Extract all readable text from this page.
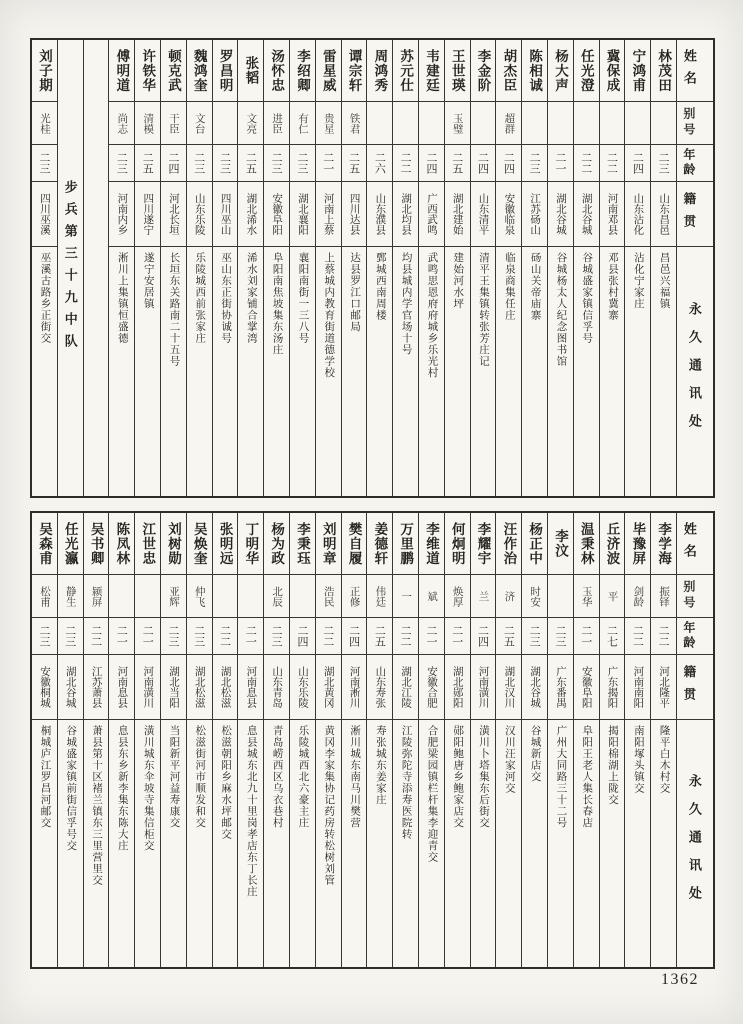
刘子期
光桂
二三
四川巫溪
巫溪古路乡正街交 步兵第三十九中队
傅明道
尚志
二三
河南内乡
淅川上集镇恒盛德
许铁华
清模
二五
四川遂宁
遂宁安居镇
顿克武
干臣
二四
河北长垣
长垣东关路南二十五号
魏鸿奎
文台
二三
山东乐陵
乐陵城西前张家庄
罗昌明
二三
四川巫山
巫山东正街协诚号
张韬
文亮
二五
湖北浠水
浠水刘家铺合掌湾
汤怀忠
进臣
二三
安徽阜阳
阜阳南焦坡集东汤庄
李绍卿
有仁
二三
湖北襄阳
襄阳南街一三八号
雷星威
贵星
二一
河南上蔡
上蔡城内教育街道德学校
谭宗轩
铁君
二五
四川达县
达县罗江口邮局
周鸿秀
二六
山东濮县
鄄城西南周楼
苏元仕
二二
湖北均县
均县城内学官场十号
韦建廷
二四
广西武鸣
武鸣思恩府府城乡乐光村
王世瑛
玉璧
二五
湖北建始
建始河水坪
李金阶
二四
山东清平
清平王集镇转张芳庄记
胡杰臣
超群
二四
安徽临泉
临泉商集任庄
陈相诚
二三
江苏砀山
砀山关帝庙寨
杨大声
二一
湖北谷城
谷城杨太人纪念图书馆
任光澄
二二
湖北谷城
谷城盛家镇信孚号
冀保成
二二
河南邓县
邓县张村冀寨
宁鸿甫
二四
山东沾化
沾化宁家庄
林茂田
二三
山东昌邑
昌邑兴福镇
姓名
别号
年龄
籍贯
永久通讯处
吴森甫
松甫
二三
安徽桐城
桐城庐江罗昌河邮交
任光瀛
静生
二三
湖北谷城
谷城盛家镇前街信孚号交
吴书卿
颍屏
二二
江苏萧县
萧县第十区褚兰镇东三里营里交
陈凤林
二一
河南息县
息县东乡新李集东陈大庄
江世忠
二一
河南潢川
潢川城东伞坡寺集信柜交
刘树勋
亚辉
二三
湖北当阳
当阳新平河益寿康交
吴焕奎
仲飞
二三
湖北松滋
松滋街河市顺发和交
张明远
二二
湖北松滋
松滋朝阳乡麻水坪邮交
丁明华
二一
河南息县
息县城东北九十里岗孝店东丁长庄
杨为政
北辰
二三
山东青岛
青岛崂西区乌衣巷村
李秉珏
二四
山东乐陵
乐陵城西北六豪主庄
刘明章
浩民
二二
湖北黄冈
黄冈李家集协记药房转松树刘管
樊自履
正修
二四
河南淅川
淅川城东南马川樊营
姜德轩
伟廷
二五
山东寿张
寿张城东姜家庄
万里鹏
一
二二
湖北江陵
江陵弥陀寺添寿医院转
李维道
斌
二一
安徽合肥
合肥梁园镇栏杆集李迎青交
何炯明
焕厚
二一
湖北郧阳
郧阳鲍唐乡鲍家店交
李耀宇
兰
二四
河南潢川
潢川卜塔集东后街交
汪作治
济
二五
湖北汉川
汉川汪家河交
杨正中
时安
二三
湖北谷城
谷城新店交
李汶
二三
广东番禺
广州大同路三十二号
温秉林
玉华
二一
安徽阜阳
阜阳王老人集长春店
丘济波
平
二七
广东揭阳
揭阳棉湖上陇交
毕豫屏
剑龄
二二
河南南阳
南阳塚头镇交
李学海
振铎
二二
河北隆平
隆平白木村交
姓名
别号
年龄
籍贯
永久通讯处
1362
